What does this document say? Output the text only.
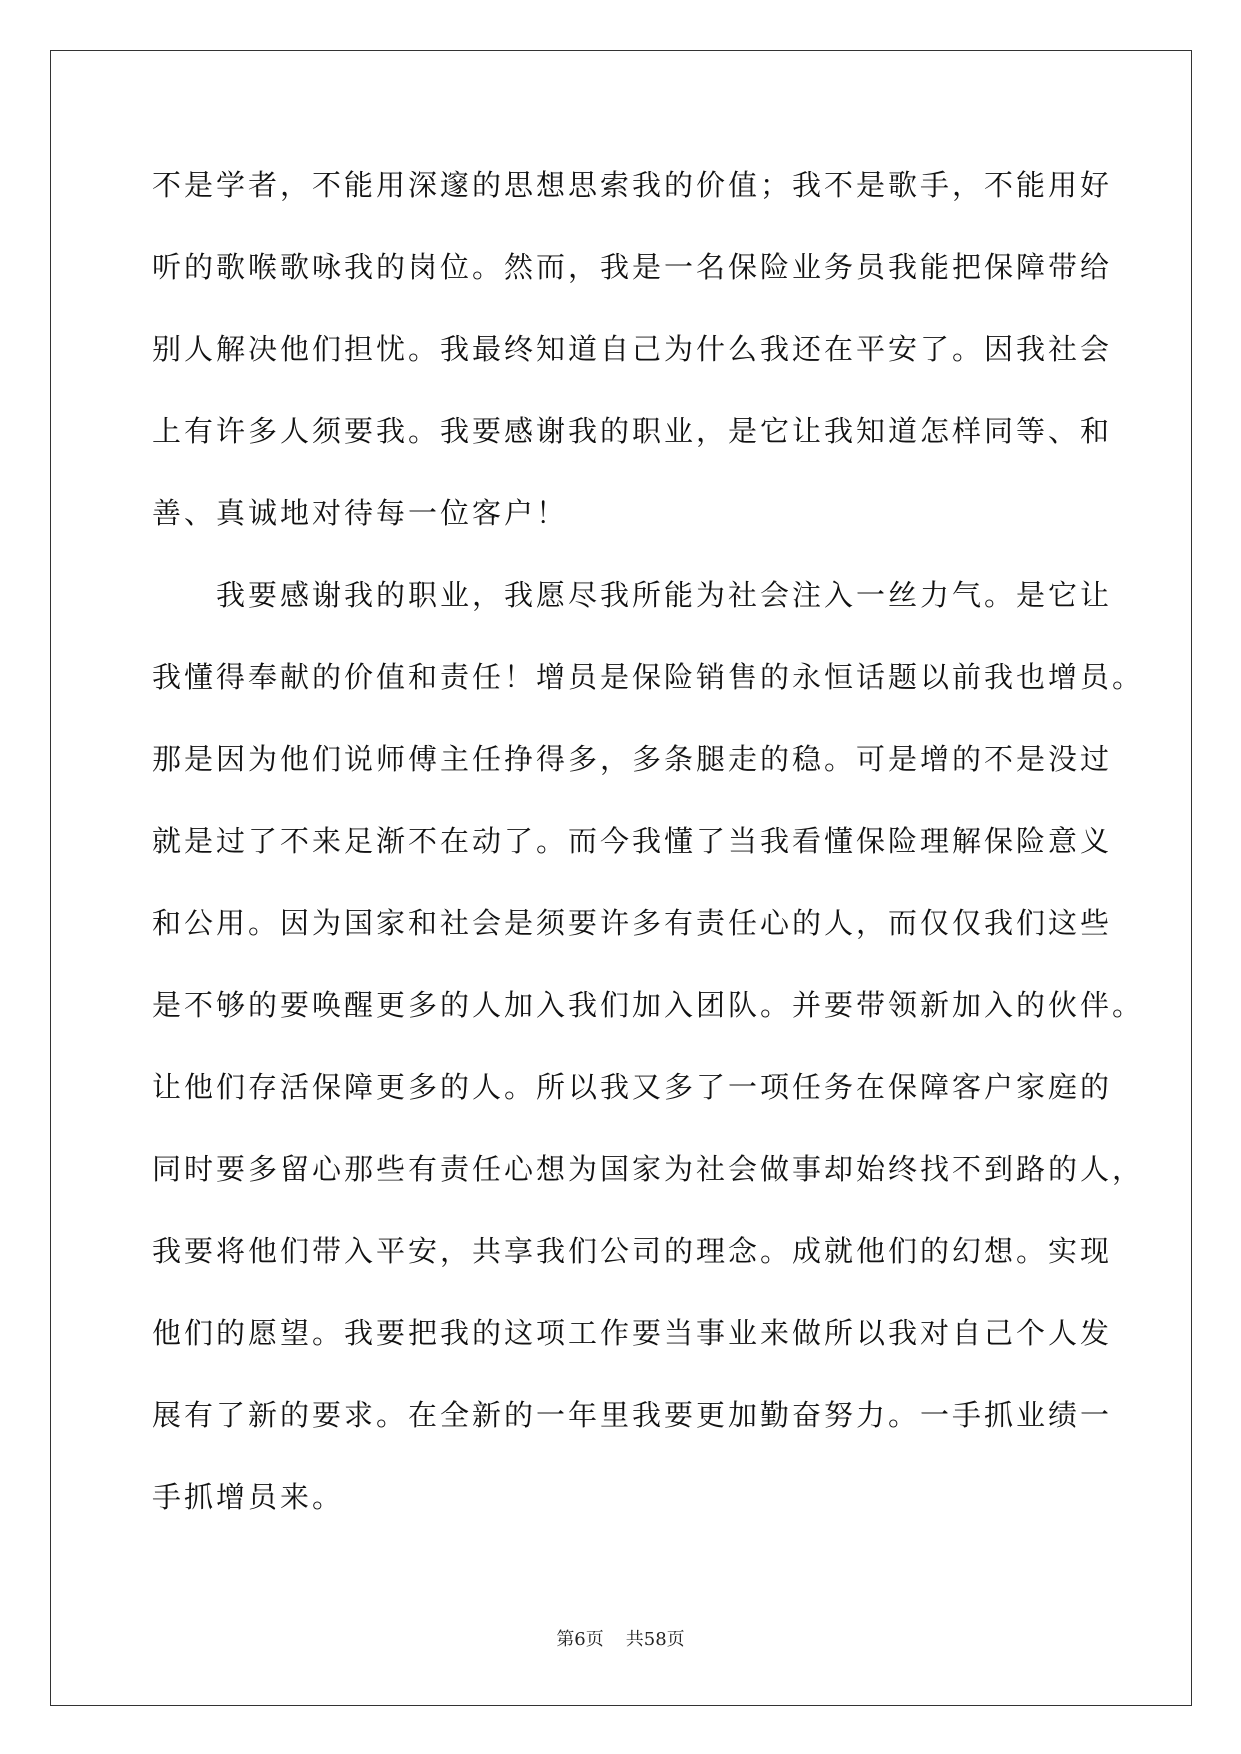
不是学者，不能用深邃的思想思索我的价值；我不是歌手，不能用好
听的歌喉歌咏我的岗位。然而，我是一名保险业务员我能把保障带给
别人解决他们担忧。我最终知道自己为什么我还在平安了。因我社会
上有许多人须要我。我要感谢我的职业，是它让我知道怎样同等、和
善、真诚地对待每一位客户！
　　我要感谢我的职业，我愿尽我所能为社会注入一丝力气。是它让
我懂得奉献的价值和责任！增员是保险销售的永恒话题以前我也增员。
那是因为他们说师傅主任挣得多，多条腿走的稳。可是增的不是没过
就是过了不来足渐不在动了。而今我懂了当我看懂保险理解保险意义
和公用。因为国家和社会是须要许多有责任心的人，而仅仅我们这些
是不够的要唤醒更多的人加入我们加入团队。并要带领新加入的伙伴。
让他们存活保障更多的人。所以我又多了一项任务在保障客户家庭的
同时要多留心那些有责任心想为国家为社会做事却始终找不到路的人，
我要将他们带入平安，共享我们公司的理念。成就他们的幻想。实现
他们的愿望。我要把我的这项工作要当事业来做所以我对自己个人发
展有了新的要求。在全新的一年里我要更加勤奋努力。一手抓业绩一
手抓增员来。
第6页 共58页
